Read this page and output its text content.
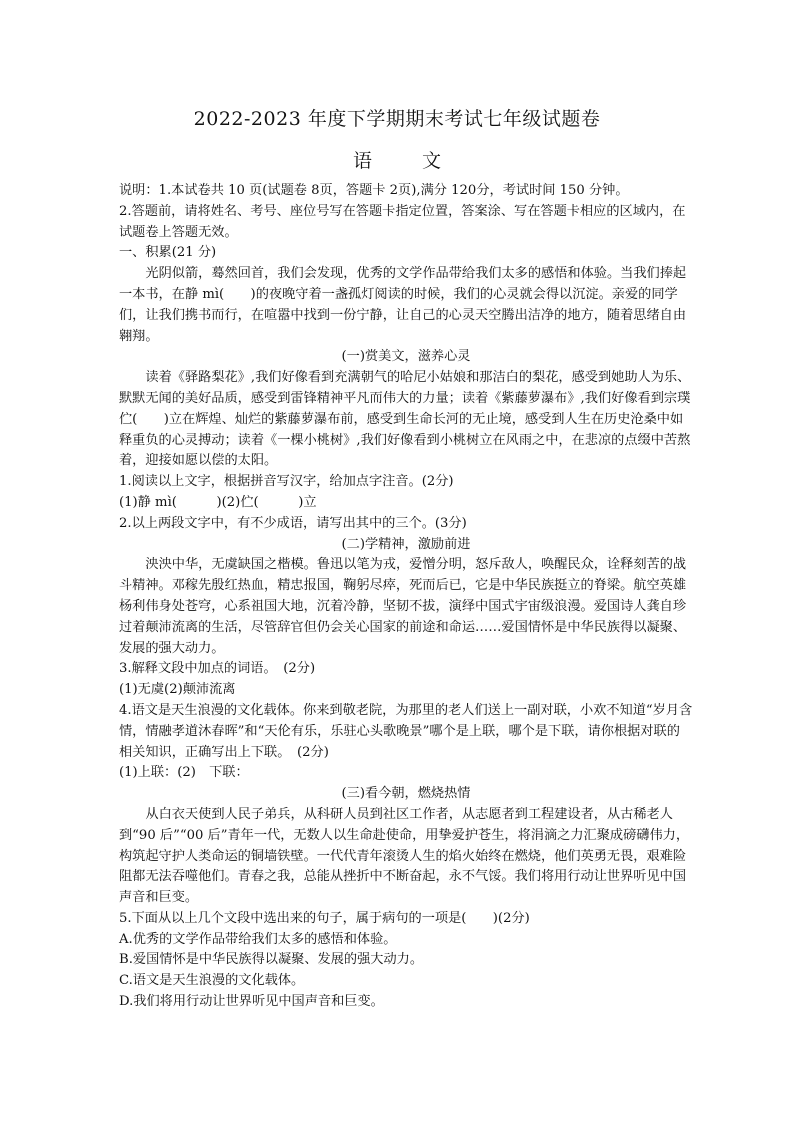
2022-2023 年度下学期期末考试七年级试题卷
语 文

说明：1.本试卷共 10 页(试题卷 8页，答题卡 2页),满分 120分，考试时间 150 分钟。

2.答题前，请将姓名、考号、座位号写在答题卡指定位置，答案涂、写在答题卡相应的区域内，在试题卷上答题无效。

一、积累(21 分)

光阴似箭，蓦然回首，我们会发现，优秀的文学作品带给我们太多的感悟和体验。当我们捧起一本书，在静 mì(　　)的夜晚守着一盏孤灯阅读的时候，我们的心灵就会得以沉淀。亲爱的同学们，让我们携书而行，在喧嚣中找到一份宁静，让自己的心灵天空腾出洁净的地方，随着思绪自由翱翔。

(一)赏美文，滋养心灵

读着《驿路梨花》,我们好像看到充满朝气的哈尼小姑娘和那洁白的梨花，感受到她助人为乐、默默无闻的美好品质，感受到雷锋精神平凡而伟大的力量；读着《紫藤萝瀑布》,我们好像看到宗璞伫(　　)立在辉煌、灿烂的紫藤萝瀑布前，感受到生命长河的无止境，感受到人生在历史沧桑中如释重负的心灵搏动；读着《一棵小桃树》,我们好像看到小桃树立在风雨之中，在悲凉的点缀中苦熬着，迎接如愿以偿的太阳。

1.阅读以上文字，根据拼音写汉字，给加点字注音。(2分)

(1)静 mì(　　　)(2)伫(　　　)立

2.以上两段文字中，有不少成语，请写出其中的三个。(3分)

(二)学精神，激励前进

泱泱中华，无虞缺国之楷模。鲁迅以笔为戎，爱憎分明，怒斥敌人，唤醒民众，诠释刻苦的战斗精神。邓稼先殷红热血，精忠报国，鞠躬尽瘁，死而后已，它是中华民族挺立的脊梁。航空英雄杨利伟身处苍穹，心系祖国大地，沉着冷静，坚韧不拔，演绎中国式宇宙级浪漫。爱国诗人龚自珍过着颠沛流离的生活，尽管辞官但仍会关心国家的前途和命运……爱国情怀是中华民族得以凝聚、发展的强大动力。

3.解释文段中加点的词语。　(2分)

(1)无虞(2)颠沛流离

4.语文是天生浪漫的文化载体。你来到敬老院，为那里的老人们送上一副对联，小欢不知道“岁月含情，情融孝道沐春晖”和“天伦有乐，乐驻心头歌晚景”哪个是上联，哪个是下联，请你根据对联的相关知识，正确写出上下联。　(2分)

(1)上联：(2)　下联：

(三)看今朝，燃烧热情

从白衣天使到人民子弟兵，从科研人员到社区工作者，从志愿者到工程建设者，从古稀老人到“90 后”“00 后”青年一代，无数人以生命赴使命，用挚爱护苍生，将涓滴之力汇聚成磅礴伟力，构筑起守护人类命运的铜墙铁壁。一代代青年滚烫人生的焰火始终在燃烧，他们英勇无畏，艰难险阻都无法吞噬他们。青春之我，总能从挫折中不断奋起，永不气馁。我们将用行动让世界听见中国声音和巨变。

5.下面从以上几个文段中选出来的句子，属于病句的一项是(　　)(2分)

A.优秀的文学作品带给我们太多的感悟和体验。

B.爱国情怀是中华民族得以凝聚、发展的强大动力。

C.语文是天生浪漫的文化载体。

D.我们将用行动让世界听见中国声音和巨变。
